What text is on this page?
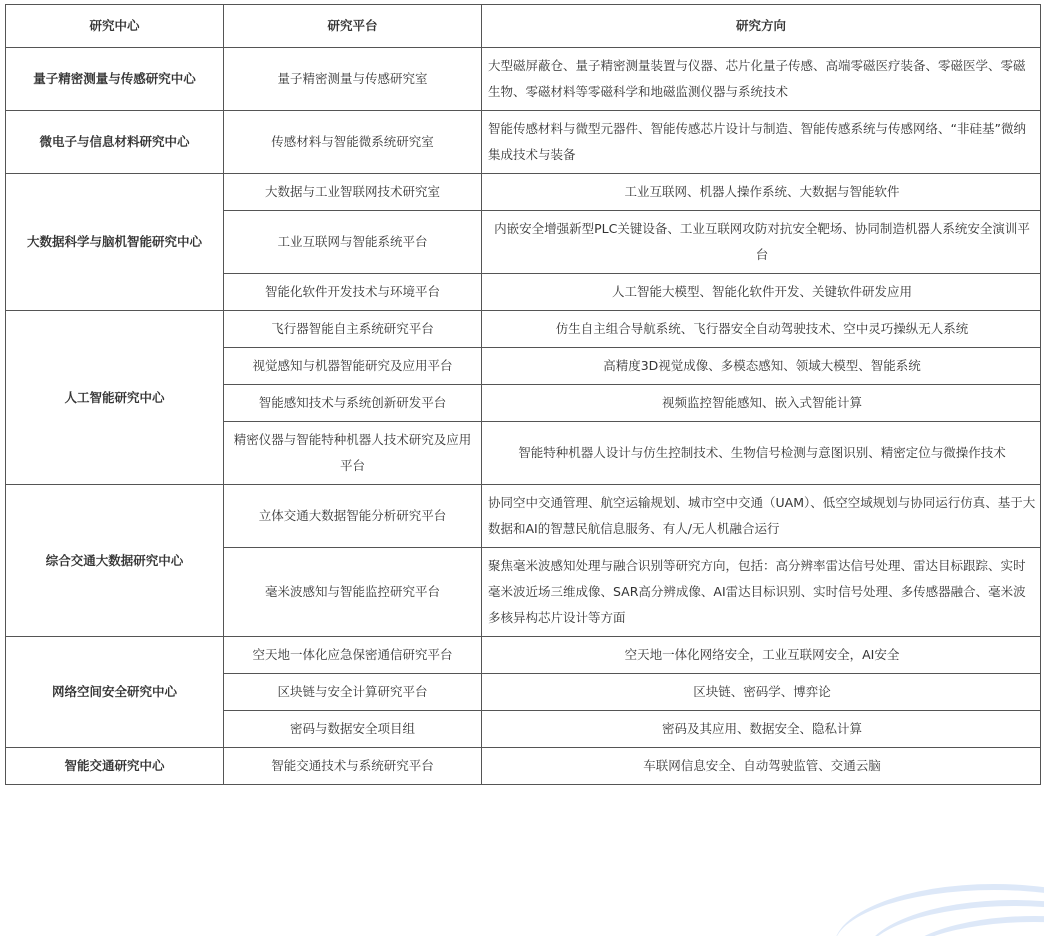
研究中心	研究平台	研究方向
量子精密测量与传感研究中心	量子精密测量与传感研究室	大型磁屏蔽仓、量子精密测量装置与仪器、芯片化量子传感、高端零磁医疗装备、零磁医学、零磁生物、零磁材料等零磁科学和地磁监测仪器与系统技术
微电子与信息材料研究中心	传感材料与智能微系统研究室	智能传感材料与微型元器件、智能传感芯片设计与制造、智能传感系统与传感网络、“非硅基”微纳集成技术与装备
大数据科学与脑机智能研究中心	大数据与工业智联网技术研究室	工业互联网、机器人操作系统、大数据与智能软件
	工业互联网与智能系统平台	内嵌安全增强新型PLC关键设备、工业互联网攻防对抗安全靶场、协同制造机器人系统安全演训平台
	智能化软件开发技术与环境平台	人工智能大模型、智能化软件开发、关键软件研发应用
人工智能研究中心	飞行器智能自主系统研究平台	仿生自主组合导航系统、飞行器安全自动驾驶技术、空中灵巧操纵无人系统
	视觉感知与机器智能研究及应用平台	高精度3D视觉成像、多模态感知、领域大模型、智能系统
	智能感知技术与系统创新研发平台	视频监控智能感知、嵌入式智能计算
	精密仪器与智能特种机器人技术研究及应用平台	智能特种机器人设计与仿生控制技术、生物信号检测与意图识别、精密定位与微操作技术
综合交通大数据研究中心	立体交通大数据智能分析研究平台	协同空中交通管理、航空运输规划、城市空中交通（UAM）、低空空域规划与协同运行仿真、基于大数据和AI的智慧民航信息服务、有人/无人机融合运行
	毫米波感知与智能监控研究平台	聚焦毫米波感知处理与融合识别等研究方向，包括：高分辨率雷达信号处理、雷达目标跟踪、实时毫米波近场三维成像、SAR高分辨成像、AI雷达目标识别、实时信号处理、多传感器融合、毫米波多核异构芯片设计等方面
网络空间安全研究中心	空天地一体化应急保密通信研究平台	空天地一体化网络安全，工业互联网安全，AI安全
	区块链与安全计算研究平台	区块链、密码学、博弈论
	密码与数据安全项目组	密码及其应用、数据安全、隐私计算
智能交通研究中心	智能交通技术与系统研究平台	车联网信息安全、自动驾驶监管、交通云脑
